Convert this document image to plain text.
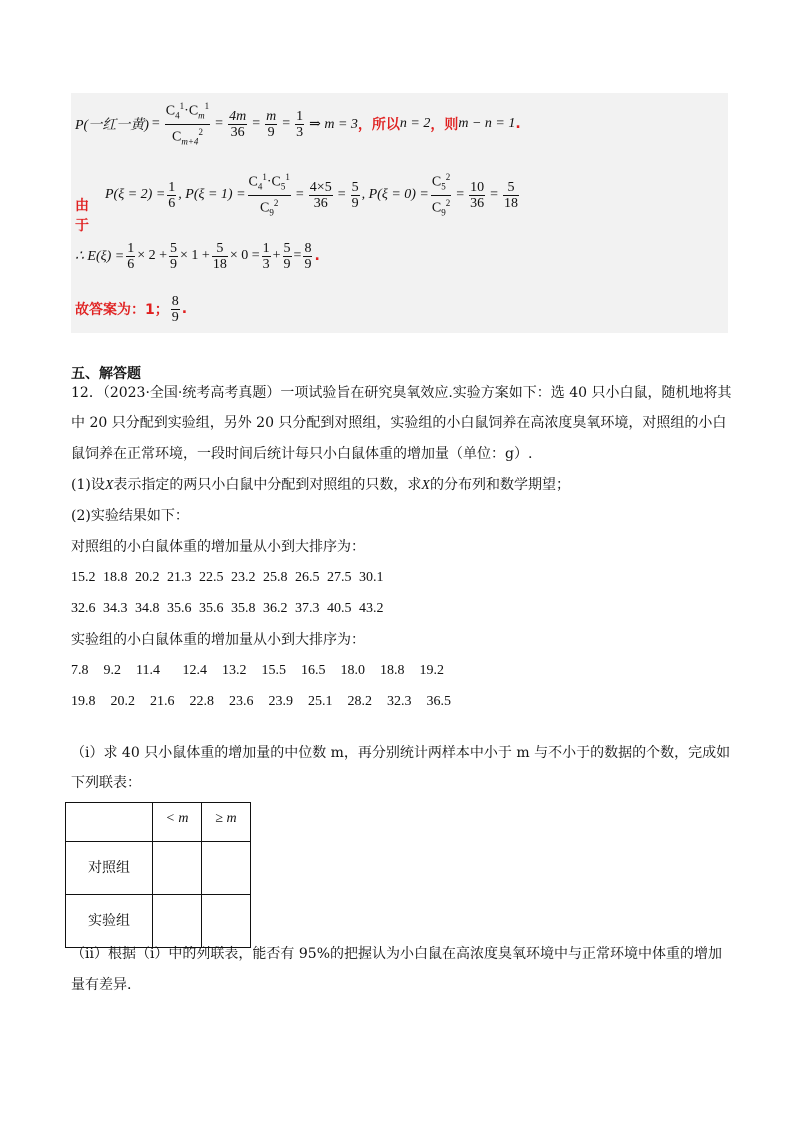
P(一红一黄) = $\frac{C_4^1\cdot C_m^1}{C_{m+4}^2} = \frac{4m}{36} = \frac{m}{9} = \frac{1}{3}$ ⇒ m = 3 ，所以 n = 2 ，则 m − n = 1 .
由于
$P(\xi = 2) = \frac{1}{6}$ , $P(\xi = 1) = \frac{C_4^1\cdot C_5^1}{C_9^2} = \frac{4\times 5}{36} = \frac{5}{9}$ , $P(\xi = 0) = \frac{C_5^2}{C_9^2} = \frac{10}{36} = \frac{5}{18}$
∴ $E(\xi) = \frac{1}{6} \times 2 + \frac{5}{9} \times 1 + \frac{5}{18} \times 0 = \frac{1}{3} + \frac{5}{9} = \frac{8}{9}$ .
故答案为：1； $\frac{8}{9}$ .
五、解答题
12．（2023·全国·统考高考真题）一项试验旨在研究臭氧效应.实验方案如下：选 40 只小白鼠，随机地将其
中 20 只分配到实验组，另外 20 只分配到对照组，实验组的小白鼠饲养在高浓度臭氧环境，对照组的小白
鼠饲养在正常环境，一段时间后统计每只小白鼠体重的增加量（单位：g）.
(1)设X表示指定的两只小白鼠中分配到对照组的只数，求X的分布列和数学期望；
(2)实验结果如下：
对照组的小白鼠体重的增加量从小到大排序为：
15.2 18.8 20.2 21.3 22.5 23.2 25.8 26.5 27.5 30.1
32.6 34.3 34.8 35.6 35.6 35.8 36.2 37.3 40.5 43.2
实验组的小白鼠体重的增加量从小到大排序为：
7.8  9.2  11.4   12.4  13.2  15.5  16.5  18.0  18.8  19.2
19.8  20.2  21.6  22.8  23.6  23.9  25.1  28.2  32.3  36.5
（i）求 40 只小鼠体重的增加量的中位数 m，再分别统计两样本中小于 m 与不小于的数据的个数，完成如
下列联表：
	< m	≥ m
对照组		
实验组		
（ii）根据（i）中的列联表，能否有 95%的把握认为小白鼠在高浓度臭氧环境中与正常环境中体重的增加
量有差异.
